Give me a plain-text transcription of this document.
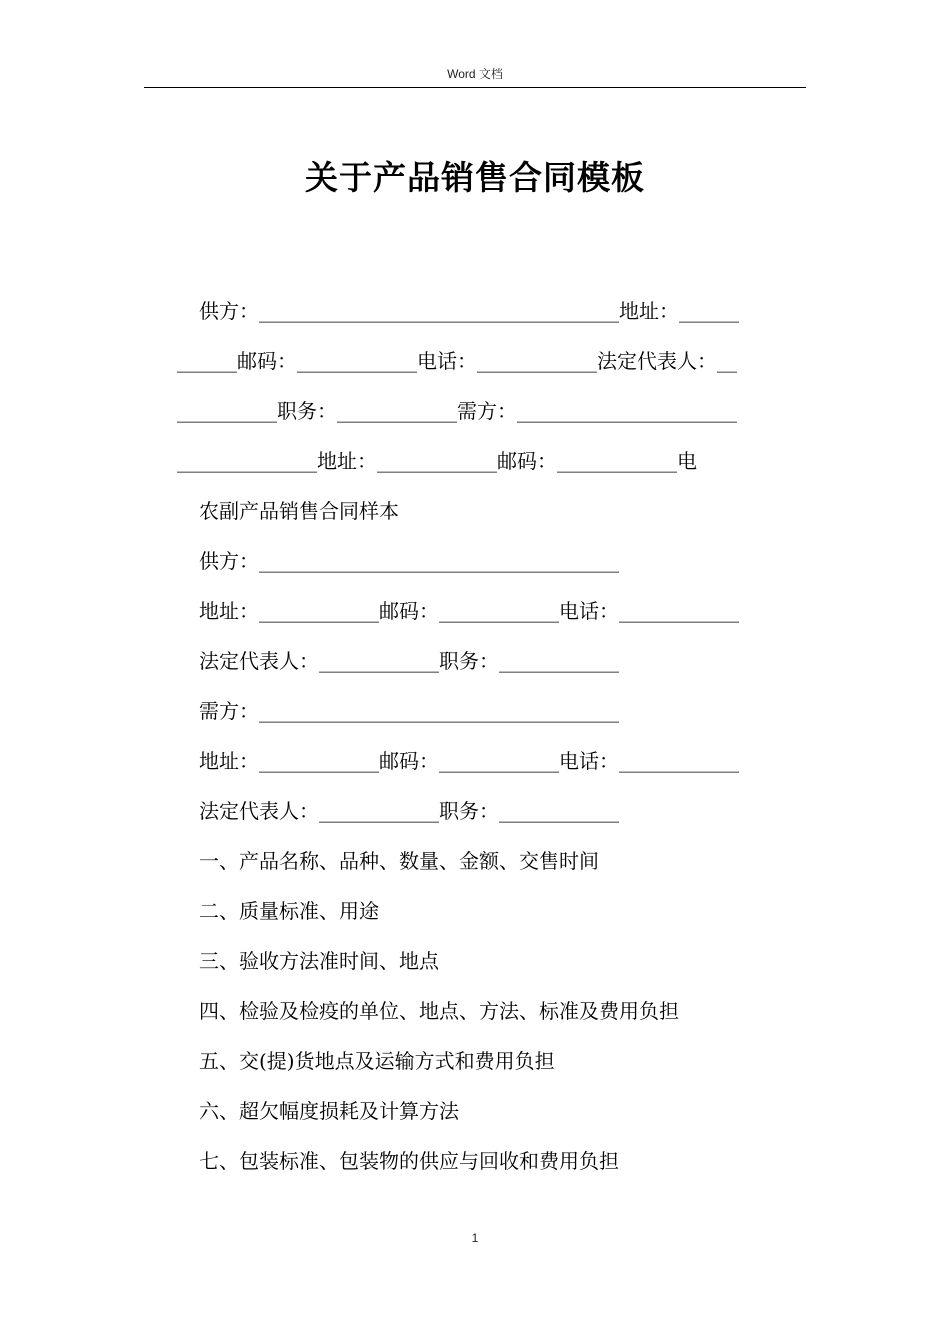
Word 文档
关于产品销售合同模板
供方：____________________________________地址：______
______邮码：____________电话：____________法定代表人：__
__________职务：____________需方：______________________
______________地址：____________邮码：____________电
农副产品销售合同样本
供方：____________________________________
地址：____________邮码：____________电话：____________
法定代表人：____________职务：____________
需方：____________________________________
地址：____________邮码：____________电话：____________
法定代表人：____________职务：____________
一、产品名称、品种、数量、金额、交售时间
二、质量标准、用途
三、验收方法准时间、地点
四、检验及检疫的单位、地点、方法、标准及费用负担
五、交(提)货地点及运输方式和费用负担
六、超欠幅度损耗及计算方法
七、包装标准、包装物的供应与回收和费用负担
1
